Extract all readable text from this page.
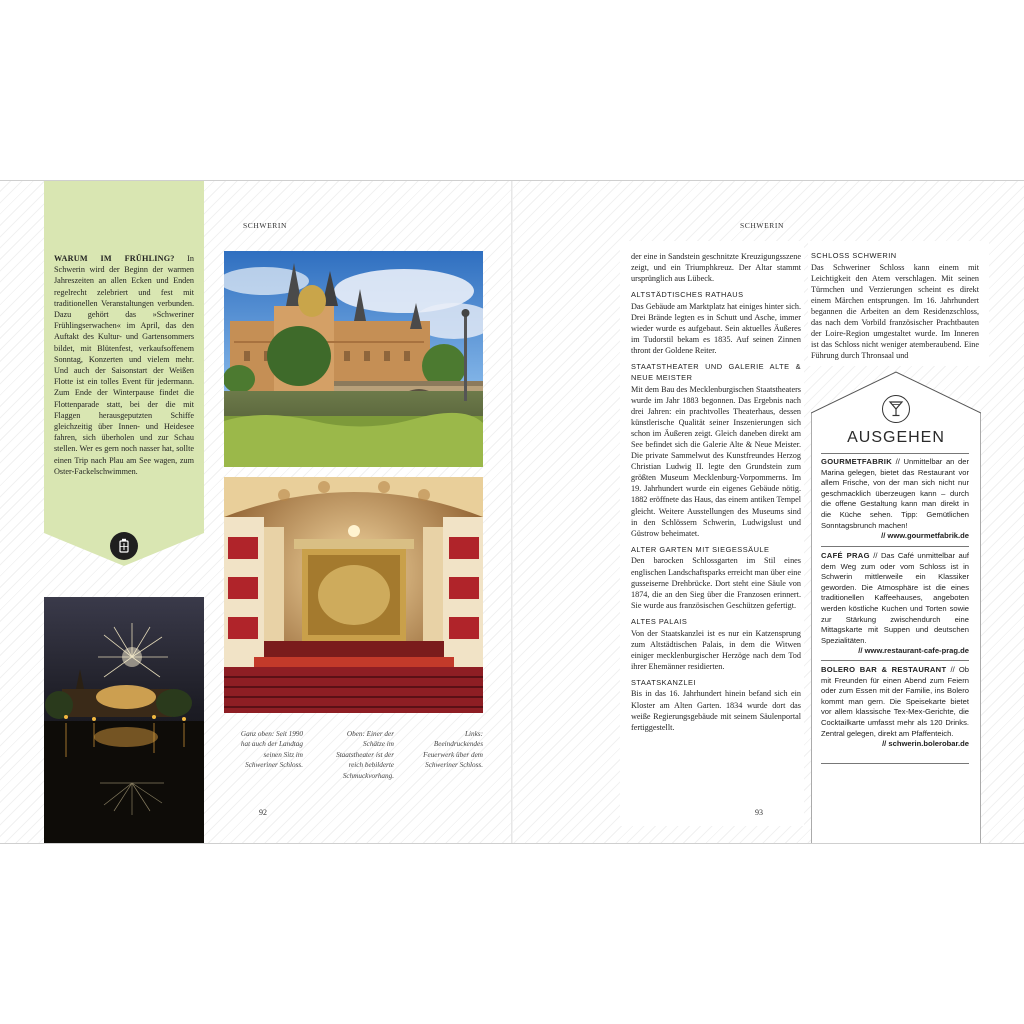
WARUM IM FRÜHLING? In Schwerin wird der Beginn der warmen Jahreszeiten an allen Ecken und Enden regelrecht zelebriert und fest mit traditionellen Veranstaltungen verbunden. Dazu gehört das »Schweriner Frühlingserwachen« im April, das den Auftakt des Kultur- und Gartensommers bildet, mit Blütenfest, verkaufsoffenem Sonntag, Konzerten und vielem mehr. Und auch der Saisonstart der Weißen Flotte ist ein tolles Event für jedermann. Zum Ende der Winterpause findet die Flottenparade statt, bei der die mit Flaggen herausgeputzten Schiffe gleichzeitig über Innen- und Heidesee fahren, sich überholen und zur Schau stellen. Wer es gern noch nasser hat, sollte einen Trip nach Plau am See wagen, zum Oster-Fackelschwimmen.
SCHWERIN
Ganz oben: Seit 1990 hat auch der Landtag seinen Sitz im Schweriner Schloss.
Oben: Einer der Schätze im Staatstheater ist der reich bebilderte Schmuckvorhang.
Links: Beeindruckendes Feuerwerk über dem Schweriner Schloss.
92
SCHWERIN

der eine in Sandstein geschnitzte Kreuzigungsszene zeigt, und ein Triumphkreuz. Der Altar stammt ursprünglich aus Lübeck.

ALTSTÄDTISCHES RATHAUS

Das Gebäude am Marktplatz hat einiges hinter sich. Drei Brände legten es in Schutt und Asche, immer wieder wurde es aufgebaut. Sein aktuelles Äußeres im Tudorstil bekam es 1835. Auf seinen Zinnen thront der Goldene Reiter.

STAATSTHEATER UND GALERIE ALTE & NEUE MEISTER

Mit dem Bau des Mecklenburgischen Staatstheaters wurde im Jahr 1883 begonnen. Das Ergebnis nach drei Jahren: ein prachtvolles Theaterhaus, dessen künstlerische Qualität seiner Inszenierungen sich schon im Äußeren zeigt. Gleich daneben direkt am See befindet sich die Galerie Alte & Neue Meister. Die private Sammelwut des Kunstfreundes Herzog Christian Ludwig II. legte den Grundstein zum größten Museum Mecklenburg-Vorpommerns. Im 19. Jahrhundert wurde ein eigenes Gebäude nötig. 1882 eröffnete das Haus, das einem antiken Tempel gleicht. Weitere Ausstellungen des Museums sind in den Schlössern Schwerin, Ludwigslust und Güstrow beheimatet.

ALTER GARTEN MIT SIEGESSÄULE

Den barocken Schlossgarten im Stil eines englischen Landschaftsparks erreicht man über eine gusseiserne Drehbrücke. Dort steht eine Säule von 1874, die an den Sieg über die Franzosen erinnert. Sie wurde aus französischen Geschützen gefertigt.

ALTES PALAIS

Von der Staatskanzlei ist es nur ein Katzensprung zum Altstädtischen Palais, in dem die Witwen einiger mecklenburgischer Herzöge nach dem Tod ihrer Ehemänner residierten.

STAATSKANZLEI

Bis in das 16. Jahrhundert hinein befand sich ein Kloster am Alten Garten. 1834 wurde dort das weiße Regierungsgebäude mit seinem Säulenportal fertiggestellt.

SCHLOSS SCHWERIN

Das Schweriner Schloss kann einem mit Leichtigkeit den Atem verschlagen. Mit seinen Türmchen und Verzierungen scheint es direkt einem Märchen entsprungen. Im 16. Jahrhundert begannen die Arbeiten an dem Residenzschloss, das nach dem Vorbild französischer Prachtbauten der Loire-Region umgestaltet wurde. Im Inneren ist das Schloss nicht weniger atemberaubend. Eine Führung durch Thronsaal und

AUSGEHEN
GOURMETFABRIK // Unmittelbar an der Marina gelegen, bietet das Restaurant vor allem Frische, von der man sich nicht nur geschmacklich überzeugen kann – durch die offene Gestaltung kann man direkt in die Küche sehen. Tipp: Gemütlichen Sonntagsbrunch machen!
// www.gourmetfabrik.de
CAFÉ PRAG // Das Café unmittelbar auf dem Weg zum oder vom Schloss ist in Schwerin mittlerweile ein Klassiker geworden. Die Atmosphäre ist die eines traditionellen Kaffeehauses, angeboten werden köstliche Kuchen und Torten sowie zur Stärkung zwischendurch eine Mittagskarte mit Suppen und deutschen Spezialitäten.
// www.restaurant-cafe-prag.de
BOLERO BAR & RESTAURANT // Ob mit Freunden für einen Abend zum Feiern oder zum Essen mit der Familie, ins Bolero kommt man gern. Die Speisekarte bietet vor allem klassische Tex-Mex-Gerichte, die Cocktailkarte umfasst mehr als 120 Drinks. Zentral gelegen, direkt am Pfaffenteich.
// schwerin.bolerobar.de
93
